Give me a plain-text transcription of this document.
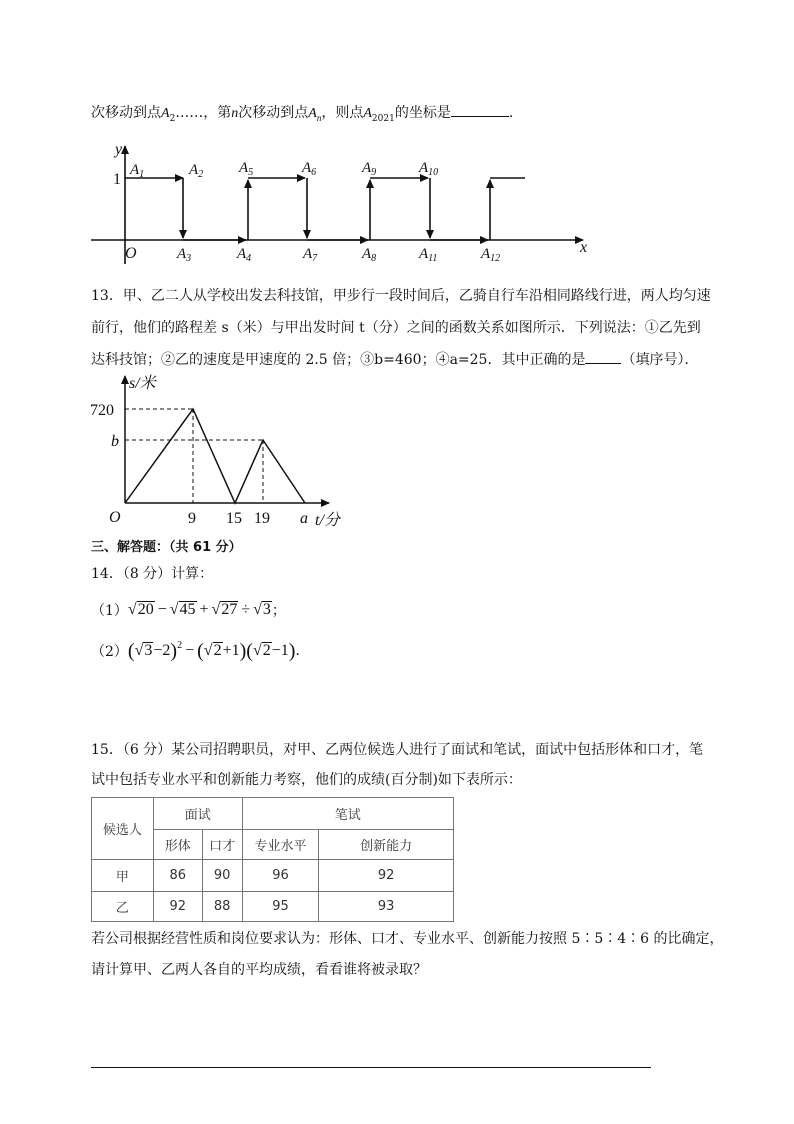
次移动到点$A_2\dots\dots$，第n次移动到点$A_n$，则点$A_{2021}$的坐标是	.
y
x
O
1
$A_1$	$A_2$ $A_5$	$A_6$	$A_9$	$A_{10}$
$A_3$	$A_4$	$A_7$	$A_8$	$A_{11}$	$A_{12}$
13．甲、乙二人从学校出发去科技馆，甲步行一段时间后，乙骑自行车沿相同路线行进，两人均匀速
前行，他们的路程差 s（米）与甲出发时间 t（分）之间的函数关系如图所示．下列说法：①乙先到
达科技馆；②乙的速度是甲速度的 2.5 倍；③b=460；④a=25．其中正确的是	（填序号）．
s/米
t/分
720
b
O	9 15 19 a
三、解答题：（共 61 分）
14．（8 分）计算：
（1） √20 − √45 + √27 ÷ √3 ；
（2） ( √3 −2 ) 2 − ( √2 +1 ) ( √2 −1 ) .
15．（6 分）某公司招聘职员，对甲、乙两位候选人进行了面试和笔试，面试中包括形体和口才，笔
试中包括专业水平和创新能力考察，他们的成绩(百分制)如下表所示：
候选人	面试		笔试	
	形体	口才	专业水平	创新能力
甲	86	90	96	92
乙	92	88	95	93
若公司根据经营性质和岗位要求认为：形体、口才、专业水平、创新能力按照 5∶5∶4∶6 的比确定，
请计算甲、乙两人各自的平均成绩，看看谁将被录取？
